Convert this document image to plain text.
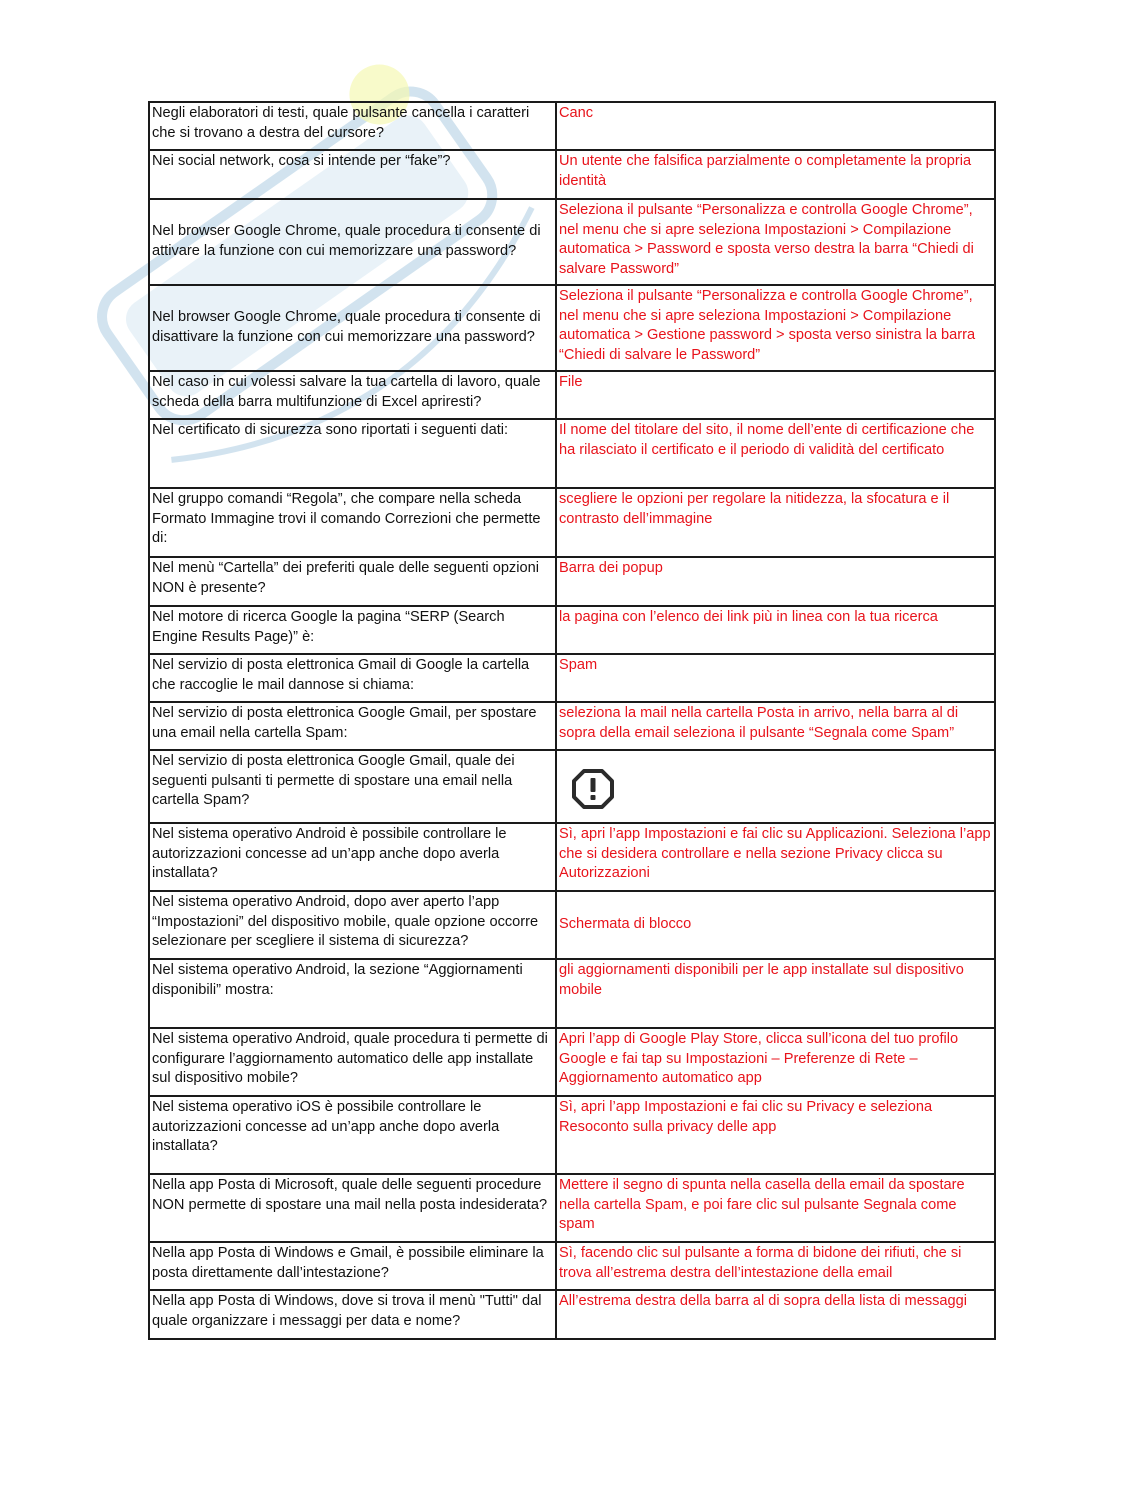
Negli elaboratori di testi, quale pulsante cancella i caratteri che si trovano a destra del cursore?	Canc
Nei social network, cosa si intende per “fake”?	Un utente che falsifica parzialmente o completamente la propria identità
Nel browser Google Chrome, quale procedura ti consente di attivare la funzione con cui memorizzare una password?	Seleziona il pulsante “Personalizza e controlla Google Chrome”, nel menu che si apre seleziona Impostazioni > Compilazione automatica > Password e sposta verso destra la barra “Chiedi di salvare Password”
Nel browser Google Chrome, quale procedura ti consente di disattivare la funzione con cui memorizzare una password?	Seleziona il pulsante “Personalizza e controlla Google Chrome”, nel menu che si apre seleziona Impostazioni > Compilazione automatica > Gestione password > sposta verso sinistra la barra “Chiedi di salvare le Password”
Nel caso in cui volessi salvare la tua cartella di lavoro, quale scheda della barra multifunzione di Excel apriresti?	File
Nel certificato di sicurezza sono riportati i seguenti dati:	Il nome del titolare del sito, il nome dell’ente di certificazione che ha rilasciato il certificato e il periodo di validità del certificato
Nel gruppo comandi “Regola”, che compare nella scheda Formato Immagine trovi il comando Correzioni che permette di:	scegliere le opzioni per regolare la nitidezza, la sfocatura e il contrasto dell’immagine
Nel menù “Cartella” dei preferiti quale delle seguenti opzioni NON è presente?	Barra dei popup
Nel motore di ricerca Google la pagina “SERP (Search Engine Results Page)” è:	la pagina con l’elenco dei link più in linea con la tua ricerca
Nel servizio di posta elettronica Gmail di Google la cartella che raccoglie le mail dannose si chiama:	Spam
Nel servizio di posta elettronica Google Gmail, per spostare una email nella cartella Spam:	seleziona la mail nella cartella Posta in arrivo, nella barra al di sopra della email seleziona il pulsante “Segnala come Spam”
Nel servizio di posta elettronica Google Gmail, quale dei seguenti pulsanti ti permette di spostare una email nella cartella Spam?	
Nel sistema operativo Android è possibile controllare le autorizzazioni concesse ad un’app anche dopo averla installata?	Sì, apri l’app Impostazioni e fai clic su Applicazioni. Seleziona l’app che si desidera controllare e nella sezione Privacy clicca su Autorizzazioni
Nel sistema operativo Android, dopo aver aperto l’app “Impostazioni” del dispositivo mobile, quale opzione occorre selezionare per scegliere il sistema di sicurezza?	Schermata di blocco
Nel sistema operativo Android, la sezione “Aggiornamenti disponibili” mostra:	gli aggiornamenti disponibili per le app installate sul dispositivo mobile
Nel sistema operativo Android, quale procedura ti permette di configurare l’aggiornamento automatico delle app installate sul dispositivo mobile?	Apri l’app di Google Play Store, clicca sull’icona del tuo profilo Google e fai tap su Impostazioni – Preferenze di Rete – Aggiornamento automatico app
Nel sistema operativo iOS è possibile controllare le autorizzazioni concesse ad un’app anche dopo averla installata?	Sì, apri l’app Impostazioni e fai clic su Privacy e seleziona Resoconto sulla privacy delle app
Nella app Posta di Microsoft, quale delle seguenti procedure NON permette di spostare una mail nella posta indesiderata?	Mettere il segno di spunta nella casella della email da spostare nella cartella Spam, e poi fare clic sul pulsante Segnala come spam
Nella app Posta di Windows e Gmail, è possibile eliminare la posta direttamente dall’intestazione?	Sì, facendo clic sul pulsante a forma di bidone dei rifiuti, che si trova all’estrema destra dell’intestazione della email
Nella app Posta di Windows, dove si trova il menù "Tutti" dal quale organizzare i messaggi per data e nome?	All’estrema destra della barra al di sopra della lista di messaggi
